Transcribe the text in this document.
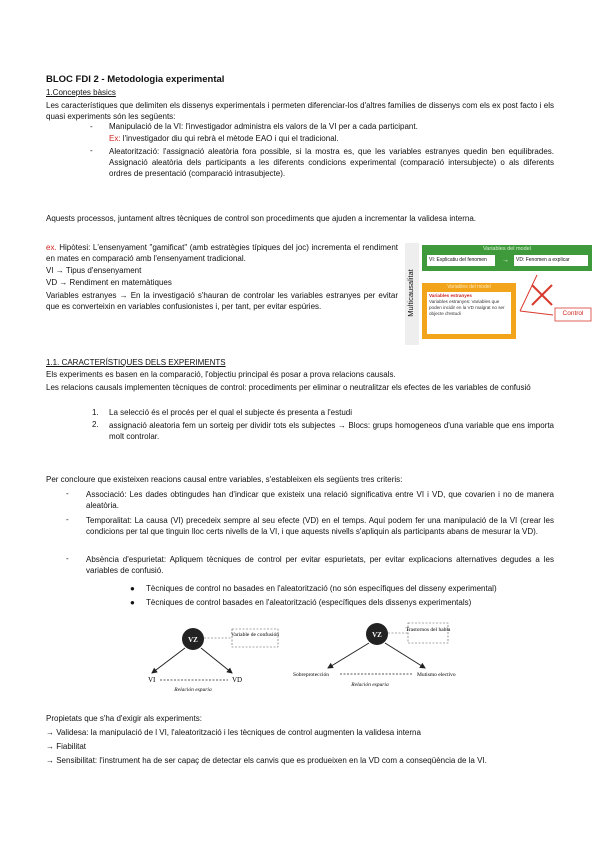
BLOC FDI 2 - Metodologia experimental
1.Conceptes bàsics
Les característiques que delimiten els dissenys experimentals i permeten diferenciar-los d'altres famílies de dissenys com els ex post facto i els quasi experiments són les següents:
- Manipulació de la VI: l'investigador administra els valors de la VI per a cada participant.
Ex: l'investigador diu qui rebrà el mètode EAO i qui el tradicional.
- Aleatorització: l'assignació aleatòria fora possible, si la mostra es, que les variables estranyes quedin ben equilibrades. Assignació aleatòria dels participants a les diferents condicions experimental (comparació intersubjecte) o als diferents ordres de presentació (comparació intrasubjecte).
Aquests processos, juntament altres tècniques de control son procediments que ajuden a incrementar la validesa interna.
ex. Hipòtesi: L'ensenyament "gamificat" (amb estratègies típiques del joc) incrementa el rendiment en mates en comparació amb l'ensenyament tradicional.
VI → Tipus d'ensenyament
VD → Rendiment en matemàtiques
Variables estranyes → En la investigació s'hauran de controlar les variables estranyes per evitar que es converteixin en variables confusionistes i, per tant, per evitar espúries.	Multicausalitat
Variables del model
VI: Explicatiu del fenomen	→	VD: Fenomen a explicar
Variables del model
Variables estranyes
Variables estranyes: Variables que poden incidir en la VD malgrat no ser objecte d'estudi	Control
1.1. CARACTERÍSTIQUES DELS EXPERIMENTS
Els experiments es basen en la comparació, l'objectiu principal és posar a prova relacions causals.
Les relacions causals implementen tècniques de control: procediments per eliminar o neutralitzar els efectes de les variables de confusió
1. La selecció és el procés per el qual el subjecte és presenta a l'estudi
2. assignació aleatoria fem un sorteig per dividir tots els subjectes → Blocs: grups homogeneos d'una variable que ens importa molt controlar.
Per concloure que existeixen reacions causal entre variables, s'estableixen els següents tres criteris:
- Associació: Les dades obtingudes han d'indicar que existeix una relació significativa entre VI i VD, que covarien i no de manera aleatòria.
- Temporalitat: La causa (VI) precedeix sempre al seu efecte (VD) en el temps. Aquí podem fer una manipulació de la VI (crear les condicions per tal que tinguin lloc certs nivells de la VI, i que aquests nivells s'apliquin als participants abans de mesurar la VD).
- Absència d'espurietat: Apliquem tècniques de control per evitar espurietats, per evitar explicacions alternatives degudes a les variables de confusió.
● Tècniques de control no basades en l'aleatorització (no són específiques del disseny experimental)
● Tècniques de control basades en l'aleatorització (específiques dels dissenys experimentals)
VZ
Variable de confusión
VI	VD
Relación espuria
VZ
Trastornos del habla
Sobreprotección	Mutismo electivo
Relación espuria
Propietats que s'ha d'exigir als experiments:
→ Validesa: la manipulació de l VI, l'aleatorització i les tècniques de control augmenten la validesa interna
→ Fiabilitat
→ Sensibilitat: l'instrument ha de ser capaç de detectar els canvis que es produeixen en la VD com a conseqüència de la VI.
